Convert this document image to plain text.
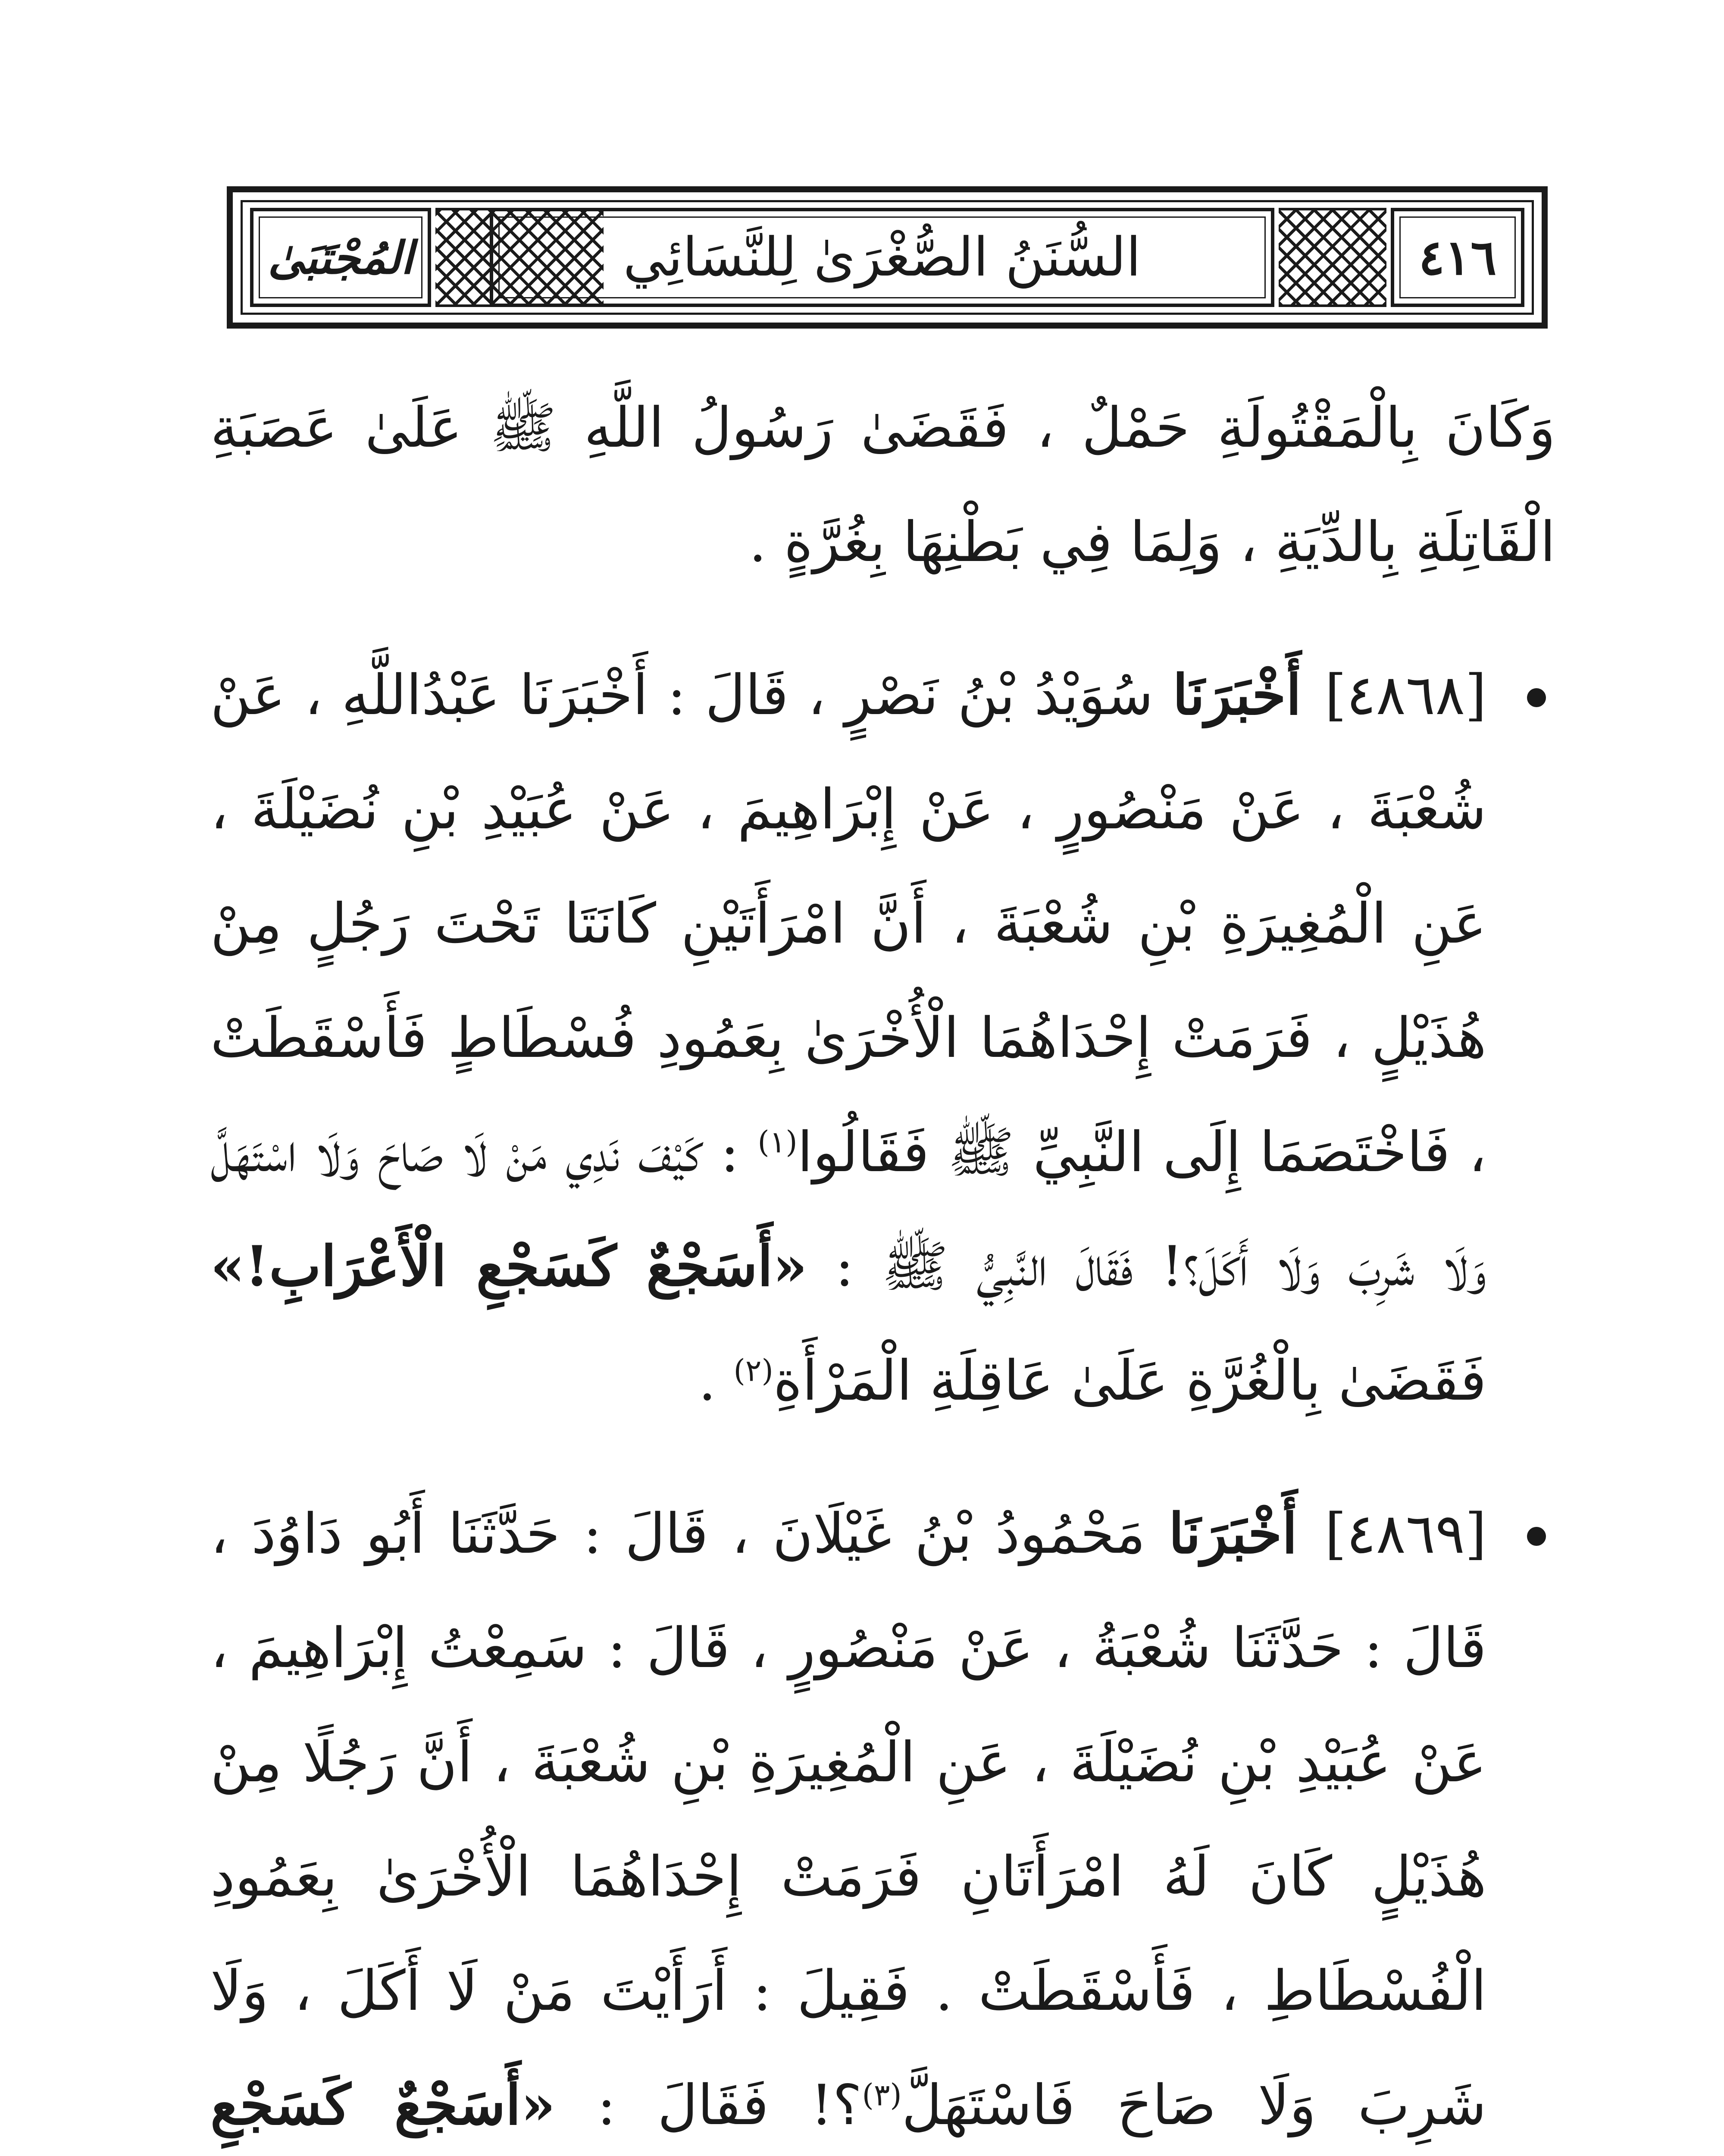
٤١٦
السُّنَنُ الصُّغْرَىٰ لِلنَّسَائِي
المُجْتَبَىٰ

وَكَانَ بِالْمَقْتُولَةِ حَمْلٌ ، فَقَضَىٰ رَسُولُ اللَّهِ ﷺ عَلَىٰ عَصَبَةِ الْقَاتِلَةِ بِالدِّيَةِ ، وَلِمَا فِي بَطْنِهَا بِغُرَّةٍ .

[٤٨٦٨] أَخْبَرَنَا سُوَيْدُ بْنُ نَصْرٍ ، قَالَ : أَخْبَرَنَا عَبْدُاللَّهِ ، عَنْ شُعْبَةَ ، عَنْ مَنْصُورٍ ، عَنْ إِبْرَاهِيمَ ، عَنْ عُبَيْدِ بْنِ نُضَيْلَةَ ، عَنِ الْمُغِيرَةِ بْنِ شُعْبَةَ ، أَنَّ امْرَأَتَيْنِ كَانَتَا تَحْتَ رَجُلٍ مِنْ هُذَيْلٍ ، فَرَمَتْ إِحْدَاهُمَا الْأُخْرَىٰ بِعَمُودِ فُسْطَاطٍ فَأَسْقَطَتْ ، فَاخْتَصَمَا إِلَى النَّبِيِّ ﷺ فَقَالُوا$^{(١)}$ : كَيْفَ نَدِي مَنْ لَا صَاحَ وَلَا اسْتَهَلَّ وَلَا شَرِبَ وَلَا أَكَلَ؟! فَقَالَ النَّبِيُّ ﷺ : «أَسَجْعٌ كَسَجْعِ الْأَعْرَابِ!» فَقَضَىٰ بِالْغُرَّةِ عَلَىٰ عَاقِلَةِ الْمَرْأَةِ$^{(٢)}$ .

[٤٨٦٩] أَخْبَرَنَا مَحْمُودُ بْنُ غَيْلَانَ ، قَالَ : حَدَّثَنَا أَبُو دَاوُدَ ، قَالَ : حَدَّثَنَا شُعْبَةُ ، عَنْ مَنْصُورٍ ، قَالَ : سَمِعْتُ إِبْرَاهِيمَ ، عَنْ عُبَيْدِ بْنِ نُضَيْلَةَ ، عَنِ الْمُغِيرَةِ بْنِ شُعْبَةَ ، أَنَّ رَجُلًا مِنْ هُذَيْلٍ كَانَ لَهُ امْرَأَتَانِ فَرَمَتْ إِحْدَاهُمَا الْأُخْرَىٰ بِعَمُودِ الْفُسْطَاطِ ، فَأَسْقَطَتْ . فَقِيلَ : أَرَأَيْتَ مَنْ لَا أَكَلَ ، وَلَا شَرِبَ وَلَا صَاحَ فَاسْتَهَلَّ$^{(٣)}$؟! فَقَالَ : «أَسَجْعٌ كَسَجْعِ
